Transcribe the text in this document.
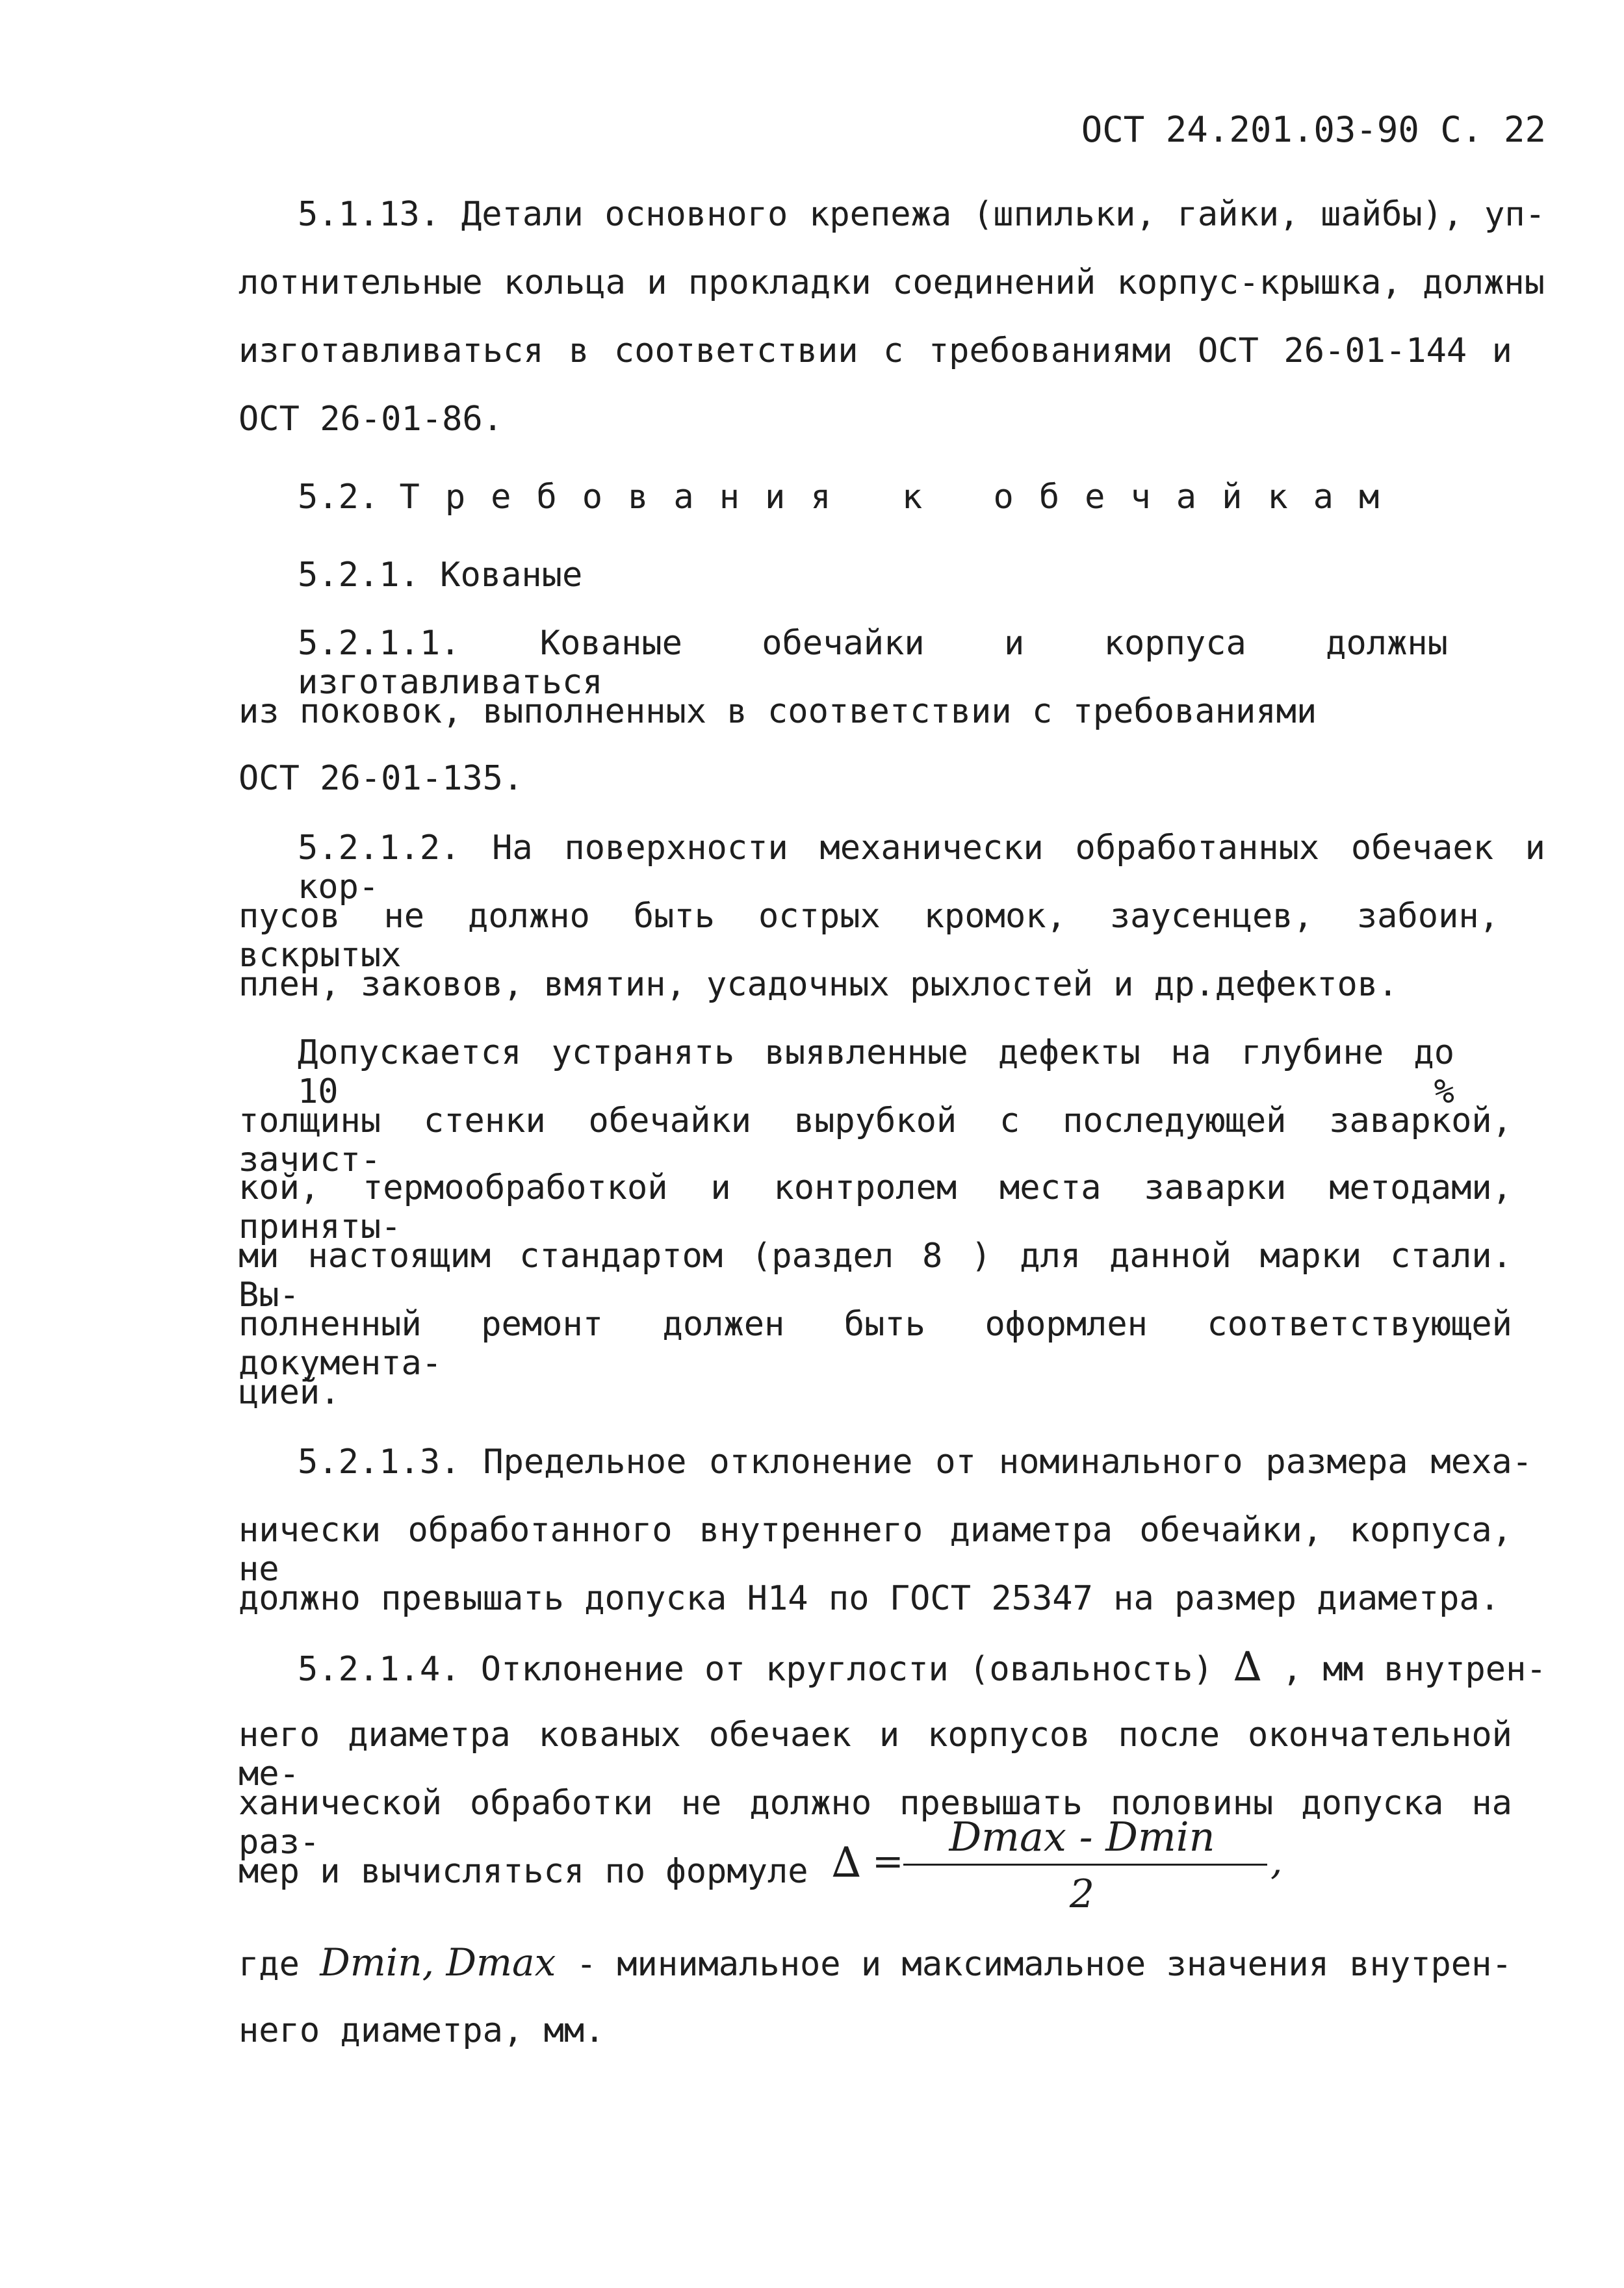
ОСТ 24.201.03-90 С. 22

5.1.13. Детали основного крепежа (шпильки, гайки, шайбы), уп-

лотнительные кольца и прокладки соединений корпус-крышка, должны

изготавливаться в соответствии с требованиями ОСТ 26-01-144 и

ОСТ 26-01-86.

5.2. Требования к обечайкам

5.2.1. Кованые

5.2.1.1. Кованые обечайки и корпуса должны изготавливаться

из поковок, выполненных в соответствии с требованиями

ОСТ 26-01-135.

5.2.1.2. На поверхности механически обработанных обечаек и кор-

пусов не должно быть острых кромок, заусенцев, забоин, вскрытых

плен, заковов, вмятин, усадочных рыхлостей и др.дефектов.

Допускается устранять выявленные дефекты на глубине до 10 %

толщины стенки обечайки вырубкой с последующей заваркой, зачист-

кой, термообработкой и контролем места заварки методами, приняты-

ми настоящим стандартом (раздел 8 ) для данной марки стали. Вы-

полненный ремонт должен быть оформлен соответствующей документа-

цией.

5.2.1.3. Предельное отклонение от номинального размера меха-

нически обработанного внутреннего диаметра обечайки, корпуса, не

должно превышать допуска Н14 по ГОСТ 25347 на размер диаметра.

5.2.1.4. Отклонение от круглости (овальность) ∆ , мм внутрен-

него диаметра кованых обечаек и корпусов после окончательной ме-

ханической обработки не должно превышать половины допуска на раз-

мер и вычисляться по формуле ∆ =
Dmax - Dmin
2
,
где Dmin, Dmax - минимальное и максимальное значения внутрен-

него диаметра, мм.
